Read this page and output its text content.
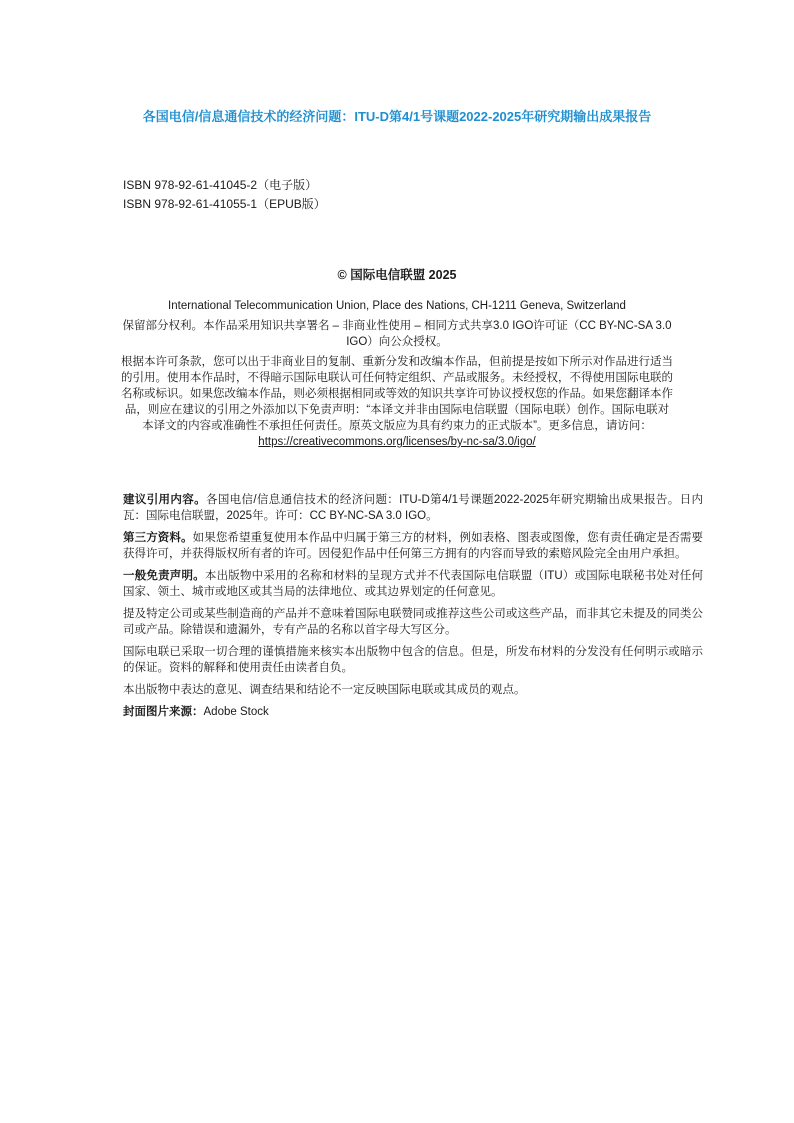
各国电信/信息通信技术的经济问题：ITU-D第4/1号课题2022-2025年研究期输出成果报告
ISBN 978-92-61-41045-2（电子版）
ISBN 978-92-61-41055-1（EPUB版）
© 国际电信联盟 2025
International Telecommunication Union, Place des Nations, CH-1211 Geneva, Switzerland
保留部分权利。本作品采用知识共享署名 – 非商业性使用 – 相同方式共享3.0 IGO许可证（CC BY-NC-SA 3.0 IGO）向公众授权。
根据本许可条款，您可以出于非商业目的复制、重新分发和改编本作品，但前提是按如下所示对作品进行适当的引用。使用本作品时，不得暗示国际电联认可任何特定组织、产品或服务。未经授权，不得使用国际电联的名称或标识。如果您改编本作品，则必须根据相同或等效的知识共享许可协议授权您的作品。如果您翻译本作品，则应在建议的引用之外添加以下免责声明：“本译文并非由国际电信联盟（国际电联）创作。国际电联对本译文的内容或准确性不承担任何责任。原英文版应为具有约束力的正式版本”。更多信息，请访问：
https://creativecommons.org/licenses/by-nc-sa/3.0/igo/

建议引用内容。各国电信/信息通信技术的经济问题：ITU-D第4/1号课题2022-2025年研究期输出成果报告。日内瓦：国际电信联盟，2025年。许可：CC BY-NC-SA 3.0 IGO。

第三方资料。如果您希望重复使用本作品中归属于第三方的材料，例如表格、图表或图像，您有责任确定是否需要获得许可，并获得版权所有者的许可。因侵犯作品中任何第三方拥有的内容而导致的索赔风险完全由用户承担。

一般免责声明。本出版物中采用的名称和材料的呈现方式并不代表国际电信联盟（ITU）或国际电联秘书处对任何国家、领土、城市或地区或其当局的法律地位、或其边界划定的任何意见。

提及特定公司或某些制造商的产品并不意味着国际电联赞同或推荐这些公司或这些产品，而非其它未提及的同类公司或产品。除错误和遗漏外，专有产品的名称以首字母大写区分。

国际电联已采取一切合理的谨慎措施来核实本出版物中包含的信息。但是，所发布材料的分发没有任何明示或暗示的保证。资料的解释和使用责任由读者自负。

本出版物中表达的意见、调查结果和结论不一定反映国际电联或其成员的观点。

封面图片来源：Adobe Stock
